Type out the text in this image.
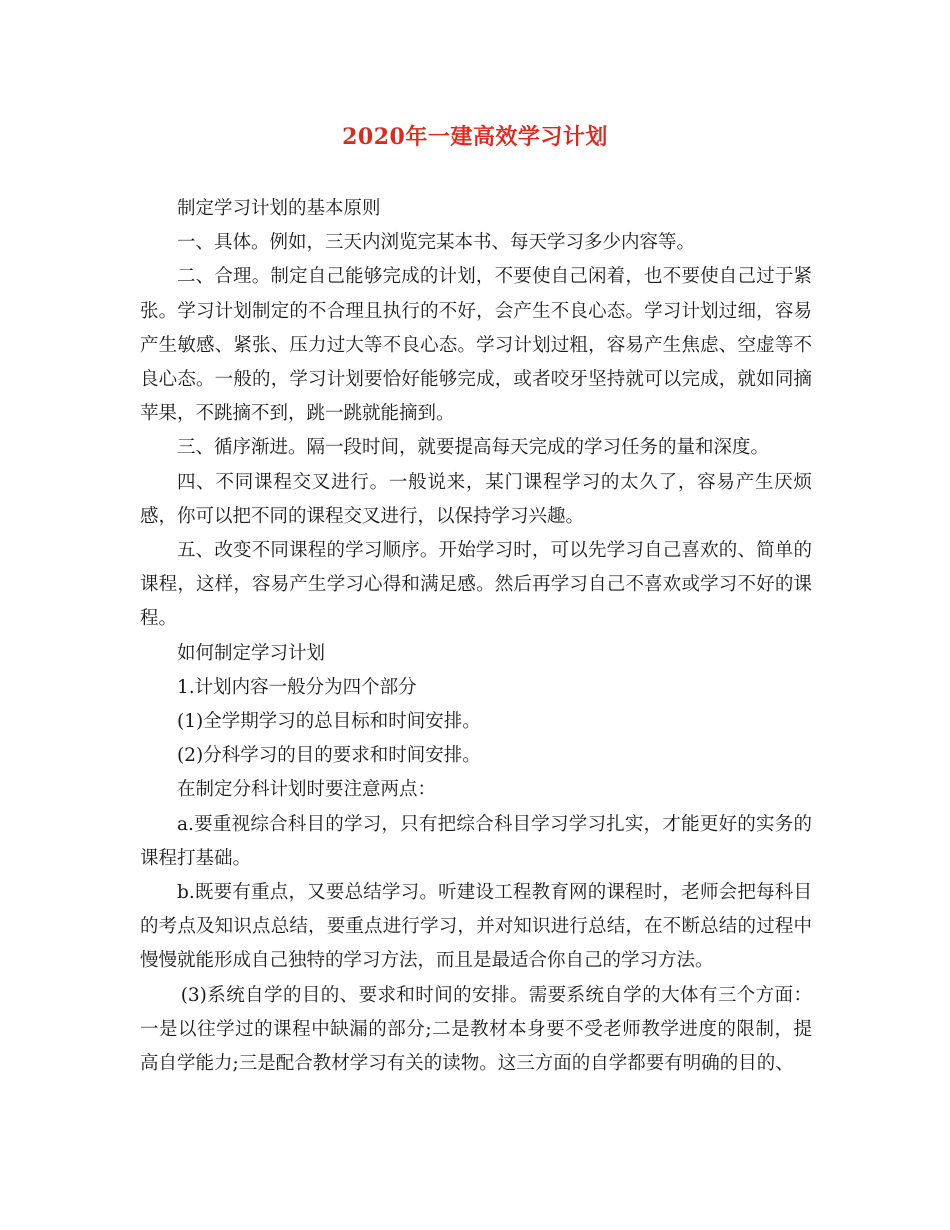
2020年一建高效学习计划

制定学习计划的基本原则

一、具体。例如，三天内浏览完某本书、每天学习多少内容等。

二、合理。制定自己能够完成的计划，不要使自己闲着，也不要使自己过于紧张。学习计划制定的不合理且执行的不好，会产生不良心态。学习计划过细，容易产生敏感、紧张、压力过大等不良心态。学习计划过粗，容易产生焦虑、空虚等不良心态。一般的，学习计划要恰好能够完成，或者咬牙坚持就可以完成，就如同摘苹果，不跳摘不到，跳一跳就能摘到。

三、循序渐进。隔一段时间，就要提高每天完成的学习任务的量和深度。

四、不同课程交叉进行。一般说来，某门课程学习的太久了，容易产生厌烦感，你可以把不同的课程交叉进行，以保持学习兴趣。

五、改变不同课程的学习顺序。开始学习时，可以先学习自己喜欢的、简单的课程，这样，容易产生学习心得和满足感。然后再学习自己不喜欢或学习不好的课程。

如何制定学习计划

1.计划内容一般分为四个部分

(1)全学期学习的总目标和时间安排。

(2)分科学习的目的要求和时间安排。

在制定分科计划时要注意两点：

a.要重视综合科目的学习，只有把综合科目学习学习扎实，才能更好的实务的课程打基础。

b.既要有重点，又要总结学习。听建设工程教育网的课程时，老师会把每科目的考点及知识点总结，要重点进行学习，并对知识进行总结，在不断总结的过程中慢慢就能形成自己独特的学习方法，而且是最适合你自己的学习方法。

(3)系统自学的目的、要求和时间的安排。需要系统自学的大体有三个方面：一是以往学过的课程中缺漏的部分;二是教材本身要不受老师教学进度的限制，提高自学能力;三是配合教材学习有关的读物。这三方面的自学都要有明确的目的、
